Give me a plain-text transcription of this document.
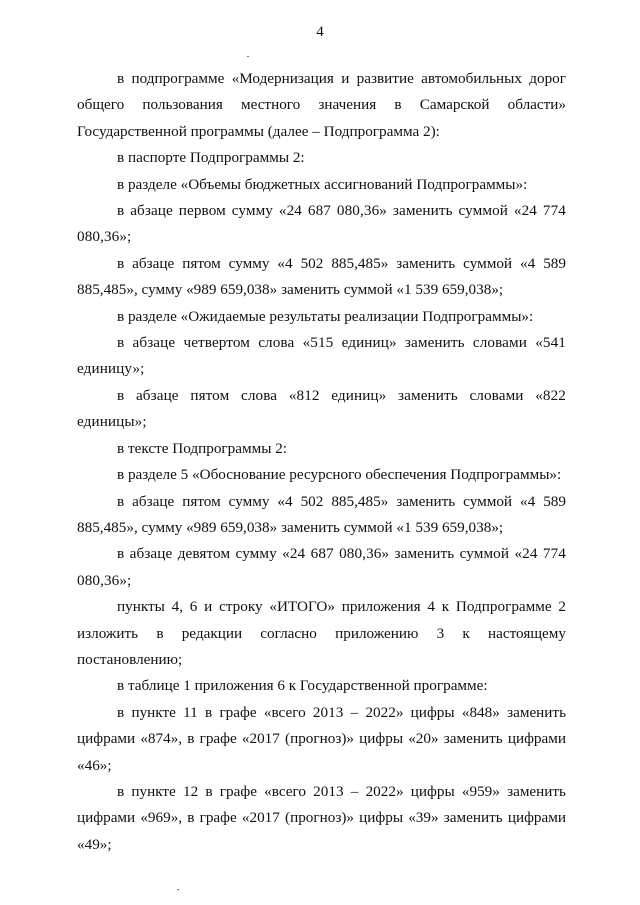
4

в подпрограмме «Модернизация и развитие автомобильных дорог общего пользования местного значения в Самарской области» Государственной программы (далее – Подпрограмма 2):

в паспорте Подпрограммы 2:

в разделе «Объемы бюджетных ассигнований Подпрограммы»:

в абзаце первом сумму «24 687 080,36» заменить суммой «24 774 080,36»;

в абзаце пятом сумму «4 502 885,485» заменить суммой «4 589 885,485», сумму «989 659,038» заменить суммой «1 539 659,038»;

в разделе «Ожидаемые результаты реализации Подпрограммы»:

в абзаце четвертом слова «515 единиц» заменить словами «541 единицу»;

в абзаце пятом слова «812 единиц» заменить словами «822 единицы»;

в тексте Подпрограммы 2:

в разделе 5 «Обоснование ресурсного обеспечения Подпрограммы»:

в абзаце пятом сумму «4 502 885,485» заменить суммой «4 589 885,485», сумму «989 659,038» заменить суммой «1 539 659,038»;

в абзаце девятом сумму «24 687 080,36» заменить суммой «24 774 080,36»;

пункты 4, 6 и строку «ИТОГО» приложения 4 к Подпрограмме 2 изложить в редакции согласно приложению 3 к настоящему постановлению;

в таблице 1 приложения 6 к Государственной программе:

в пункте 11 в графе «всего 2013 – 2022» цифры «848» заменить цифрами «874», в графе «2017 (прогноз)» цифры «20» заменить цифрами «46»;

в пункте 12 в графе «всего 2013 – 2022» цифры «959» заменить цифрами «969», в графе «2017 (прогноз)» цифры «39» заменить цифрами «49»;
